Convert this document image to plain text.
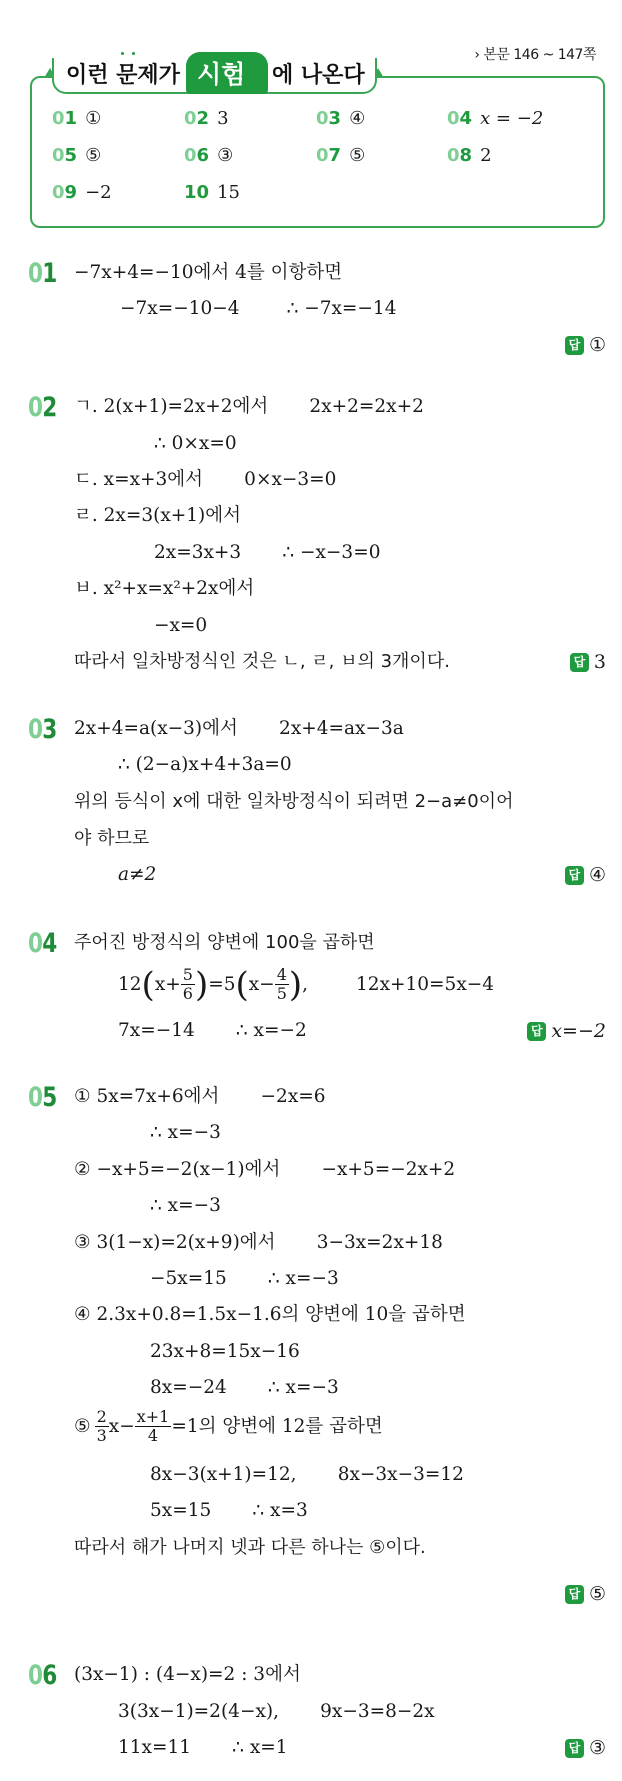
이런 문제가 시험 에 나온다
› 본문 146 ~ 147쪽
01 ①	02 3	03 ④	04 x = −2
05 ⑤	06 ③	07 ⑤	08 2
09 −2	10 15
01 −7x+4=−10에서 4를 이항하면
−7x=−10−4        ∴ −7x=−14
답 ①
02 ㄱ. 2(x+1)=2x+2에서       2x+2=2x+2
∴ 0×x=0
ㄷ. x=x+3에서       0×x−3=0
ㄹ. 2x=3(x+1)에서
2x=3x+3       ∴ −x−3=0
ㅂ. x²+x=x²+2x에서
−x=0
따라서 일차방정식인 것은 ㄴ, ㄹ, ㅂ의 3개이다.	답 3
03 2x+4=a(x−3)에서       2x+4=ax−3a
∴ (2−a)x+4+3a=0
위의 등식이 x에 대한 일차방정식이 되려면 2−a≠0이어
야 하므로
a≠2	답 ④
04 주어진 방정식의 양변에 100을 곱하면
12 ( $x+ \frac{5}{6}$ ) =5 ( $x- \frac{4}{5}$ ) ,	12x+10=5x−4
7x=−14       ∴ x=−2	답 x=−2
05 ① 5x=7x+6에서       −2x=6
∴ x=−3
② −x+5=−2(x−1)에서       −x+5=−2x+2
∴ x=−3
③ 3(1−x)=2(x+9)에서       3−3x=2x+18
−5x=15       ∴ x=−3
④ 2.3x+0.8=1.5x−1.6의 양변에 10을 곱하면
23x+8=15x−16
8x=−24       ∴ x=−3
⑤ $\frac{2}{3} x- \frac{x+1}{4} =1$의 양변에 12를 곱하면
8x−3(x+1)=12,       8x−3x−3=12
5x=15       ∴ x=3
따라서 해가 나머지 넷과 다른 하나는 ⑤이다.
답 ⑤
06 (3x−1) : (4−x)=2 : 3에서
3(3x−1)=2(4−x),       9x−3=8−2x
11x=11       ∴ x=1	답 ③
